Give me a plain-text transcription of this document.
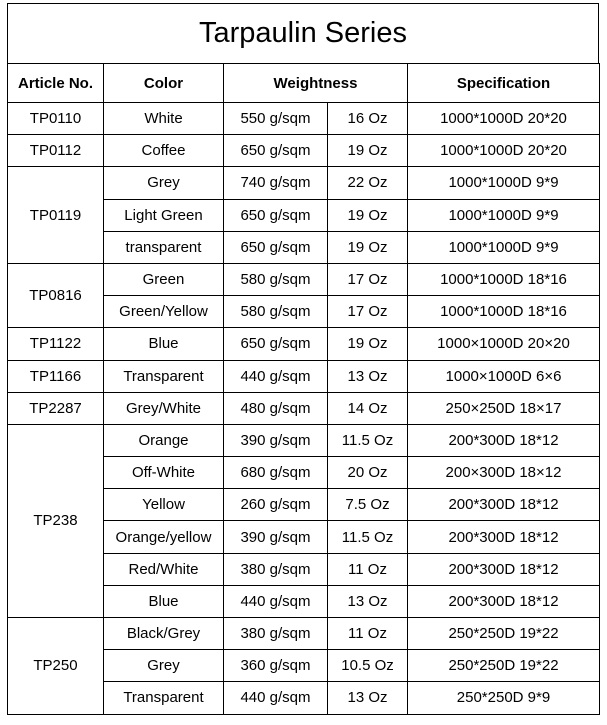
Tarpaulin Series
Article No.	Color	Weightness		Specification
TP0110	White	550 g/sqm	16 Oz	1000*1000D 20*20
TP0112	Coffee	650 g/sqm	19 Oz	1000*1000D 20*20
TP0119	Grey	740 g/sqm	22 Oz	1000*1000D 9*9
	Light Green	650 g/sqm	19 Oz	1000*1000D 9*9
	transparent	650 g/sqm	19 Oz	1000*1000D 9*9
TP0816	Green	580 g/sqm	17 Oz	1000*1000D 18*16
	Green/Yellow	580 g/sqm	17 Oz	1000*1000D 18*16
TP1122	Blue	650 g/sqm	19 Oz	1000×1000D 20×20
TP1166	Transparent	440 g/sqm	13 Oz	1000×1000D 6×6
TP2287	Grey/White	480 g/sqm	14 Oz	250×250D 18×17
TP238	Orange	390 g/sqm	11.5 Oz	200*300D 18*12
	Off-White	680 g/sqm	20 Oz	200×300D 18×12
	Yellow	260 g/sqm	7.5 Oz	200*300D 18*12
	Orange/yellow	390 g/sqm	11.5 Oz	200*300D 18*12
	Red/White	380 g/sqm	11 Oz	200*300D 18*12
	Blue	440 g/sqm	13 Oz	200*300D 18*12
TP250	Black/Grey	380 g/sqm	11 Oz	250*250D 19*22
	Grey	360 g/sqm	10.5 Oz	250*250D 19*22
	Transparent	440 g/sqm	13 Oz	250*250D 9*9
